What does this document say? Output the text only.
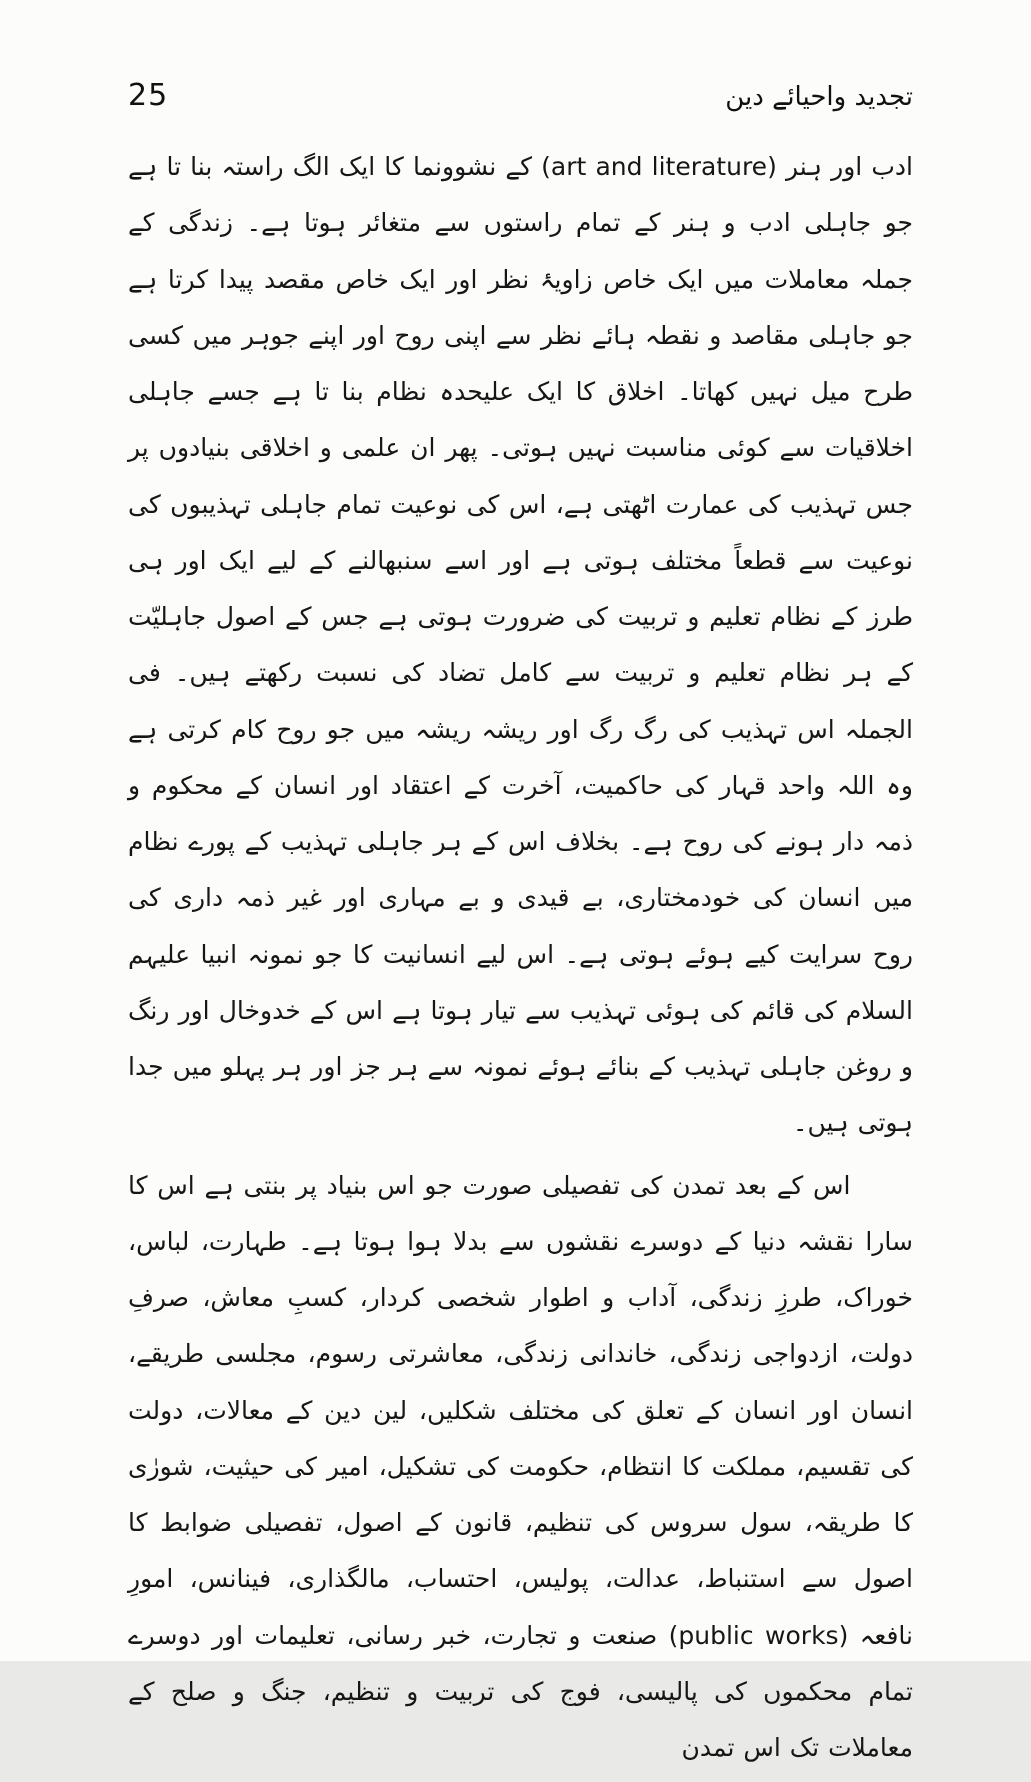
25	تجدید واحیائے دین

ادب اور ہنر (art and literature) کے نشوونما کا ایک الگ راستہ بنا تا ہے جو جاہلی ادب و ہنر کے تمام راستوں سے متغائر ہوتا ہے۔ زندگی کے جملہ معاملات میں ایک خاص زاویۂ نظر اور ایک خاص مقصد پیدا کرتا ہے جو جاہلی مقاصد و نقطہ ہائے نظر سے اپنی روح اور اپنے جوہر میں کسی طرح میل نہیں کھاتا۔ اخلاق کا ایک علیحدہ نظام بنا تا ہے جسے جاہلی اخلاقیات سے کوئی مناسبت نہیں ہوتی۔ پھر ان علمی و اخلاقی بنیادوں پر جس تہذیب کی عمارت اٹھتی ہے، اس کی نوعیت تمام جاہلی تہذیبوں کی نوعیت سے قطعاً مختلف ہوتی ہے اور اسے سنبھالنے کے لیے ایک اور ہی طرز کے نظام تعلیم و تربیت کی ضرورت ہوتی ہے جس کے اصول جاہلیّت کے ہر نظام تعلیم و تربیت سے کامل تضاد کی نسبت رکھتے ہیں۔ فی الجملہ اس تہذیب کی رگ رگ اور ریشہ ریشہ میں جو روح کام کرتی ہے وہ اللہ واحد قہار کی حاکمیت، آخرت کے اعتقاد اور انسان کے محکوم و ذمہ دار ہونے کی روح ہے۔ بخلاف اس کے ہر جاہلی تہذیب کے پورے نظام میں انسان کی خودمختاری، بے قیدی و بے مہاری اور غیر ذمہ داری کی روح سرایت کیے ہوئے ہوتی ہے۔ اس لیے انسانیت کا جو نمونہ انبیا علیہم السلام کی قائم کی ہوئی تہذیب سے تیار ہوتا ہے اس کے خدوخال اور رنگ و روغن جاہلی تہذیب کے بنائے ہوئے نمونہ سے ہر جز اور ہر پہلو میں جدا ہوتی ہیں۔

اس کے بعد تمدن کی تفصیلی صورت جو اس بنیاد پر بنتی ہے اس کا سارا نقشہ دنیا کے دوسرے نقشوں سے بدلا ہوا ہوتا ہے۔ طہارت، لباس، خوراک، طرزِ زندگی، آداب و اطوار شخصی کردار، کسبِ معاش، صرفِ دولت، ازدواجی زندگی، خاندانی زندگی، معاشرتی رسوم، مجلسی طریقے، انسان اور انسان کے تعلق کی مختلف شکلیں، لین دین کے معالات، دولت کی تقسیم، مملکت کا انتظام، حکومت کی تشکیل، امیر کی حیثیت، شورٰی کا طریقہ، سول سروس کی تنظیم، قانون کے اصول، تفصیلی ضوابط کا اصول سے استنباط، عدالت، پولیس، احتساب، مالگذاری، فینانس، امورِ نافعہ (public works) صنعت و تجارت، خبر رسانی، تعلیمات اور دوسرے تمام محکموں کی پالیسی، فوج کی تربیت و تنظیم، جنگ و صلح کے معاملات تک اس تمدن
